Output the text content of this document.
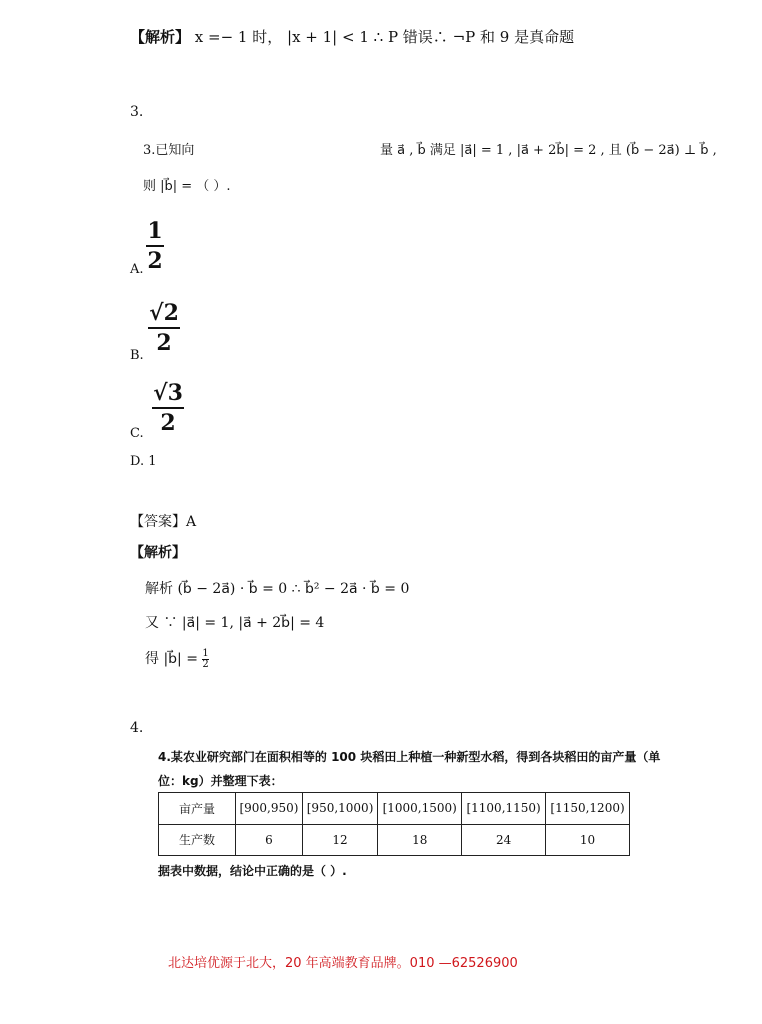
【解析】 x =− 1 时， |x + 1| < 1 ∴ P 错误∴ ¬P 和 9 是真命题
3.
3.已知向	量 a⃗ , b⃗ 满足 |a⃗| = 1 , |a⃗ + 2b⃗| = 2 , 且 (b⃗ − 2a⃗) ⊥ b⃗ ,
则 |b⃗| = （ ）.
1
2
A.
√2
2
B.
√3
2
C.
D. 1
【答案】A
【解析】
解析 (b⃗ − 2a⃗) · b⃗ = 0 ∴ b⃗² − 2a⃗ · b⃗ = 0
又 ∵ |a⃗| = 1, |a⃗ + 2b⃗| = 4
得 |b⃗| = $\frac{1}{2}$
4.
4.某农业研究部门在面积相等的 100 块稻田上种植一种新型水稻，得到各块稻田的亩产量（单
位：kg）并整理下表：
亩产量	[900,950)	[950,1000)	[1000,1500)	[1100,1150)	[1150,1200)
生产数	6	12	18	24	10
据表中数据，结论中正确的是（ ）.
北达培优源于北大，20 年高端教育品牌。010 —62526900
